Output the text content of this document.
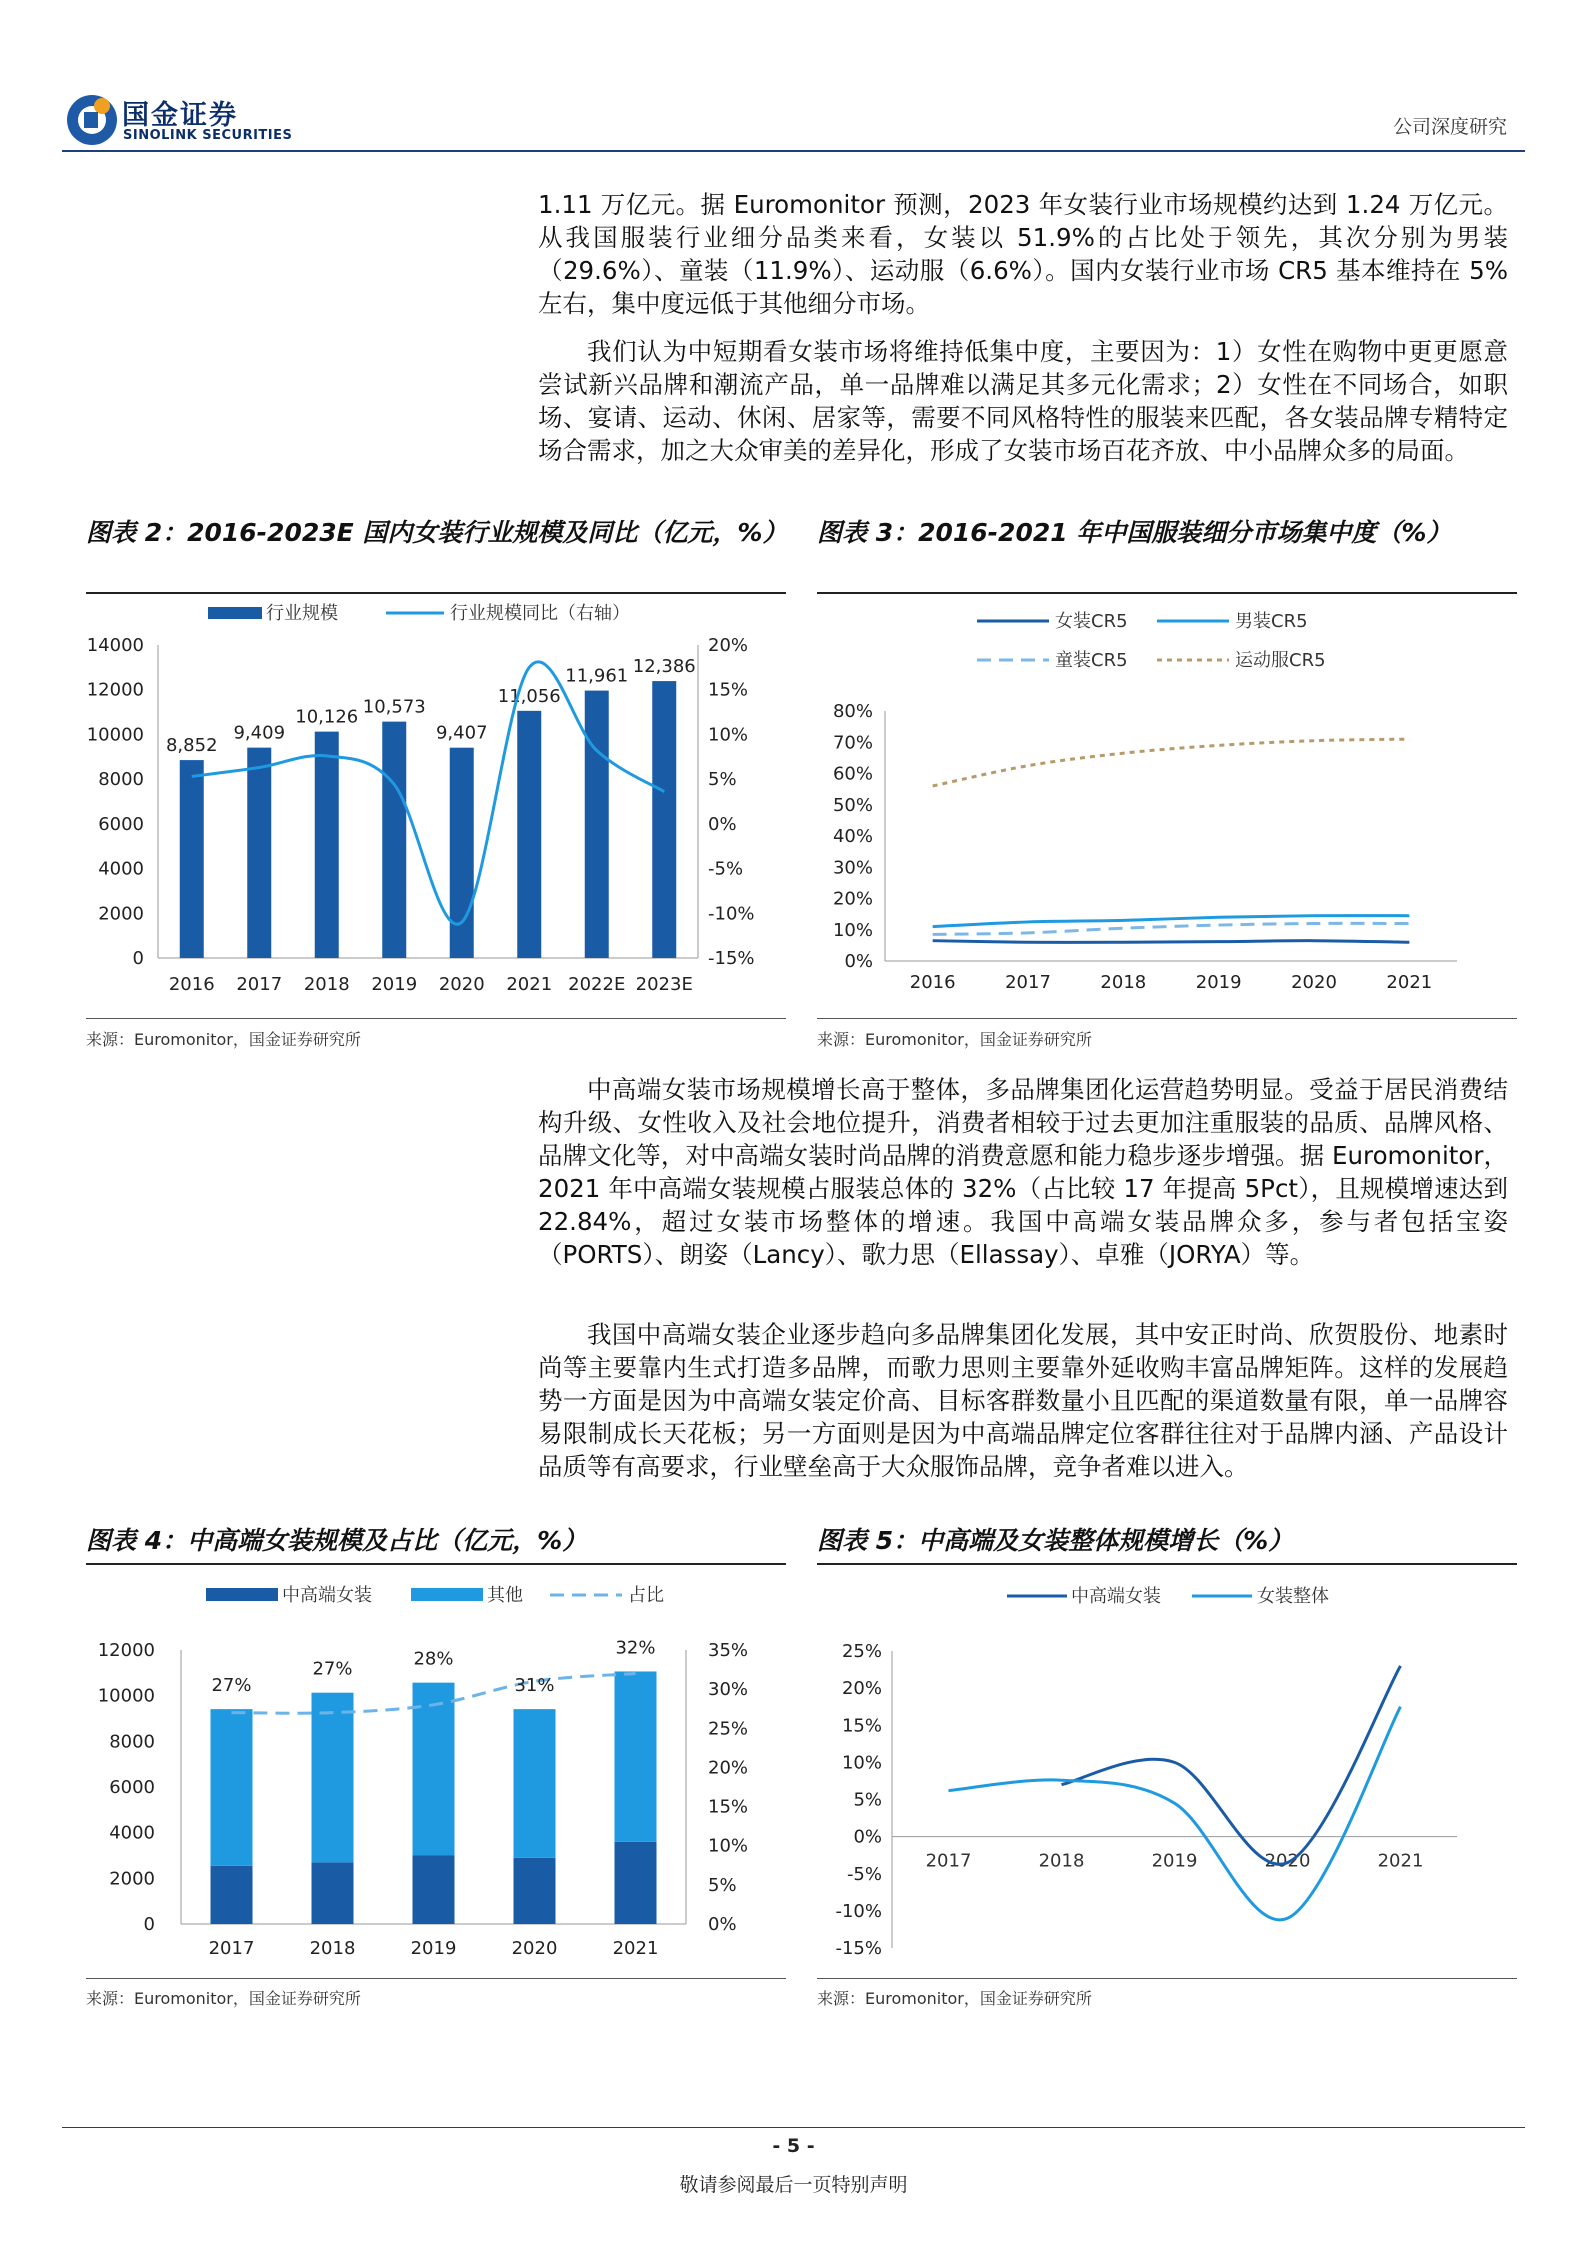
国金证券
SINOLINK SECURITIES	公司深度研究
1.11 万亿元。据 Euromonitor 预测，2023 年女装行业市场规模约达到 1.24 万亿元。从我国服装行业细分品类来看，女装以 51.9%的占比处于领先，其次分别为男装（29.6%）、童装（11.9%）、运动服（6.6%）。国内女装行业市场 CR5 基本维持在 5%左右，集中度远低于其他细分市场。
我们认为中短期看女装市场将维持低集中度，主要因为：1）女性在购物中更更愿意尝试新兴品牌和潮流产品，单一品牌难以满足其多元化需求；2）女性在不同场合，如职场、宴请、运动、休闲、居家等，需要不同风格特性的服装来匹配，各女装品牌专精特定场合需求，加之大众审美的差异化，形成了女装市场百花齐放、中小品牌众多的局面。
中高端女装市场规模增长高于整体，多品牌集团化运营趋势明显。受益于居民消费结构升级、女性收入及社会地位提升，消费者相较于过去更加注重服装的品质、品牌风格、品牌文化等，对中高端女装时尚品牌的消费意愿和能力稳步逐步增强。据 Euromonitor，2021 年中高端女装规模占服装总体的 32%（占比较 17 年提高 5Pct），且规模增速达到 22.84%，超过女装市场整体的增速。我国中高端女装品牌众多，参与者包括宝姿（PORTS）、朗姿（Lancy）、歌力思（Ellassay）、卓雅（JORYA）等。
我国中高端女装企业逐步趋向多品牌集团化发展，其中安正时尚、欣贺股份、地素时尚等主要靠内生式打造多品牌，而歌力思则主要靠外延收购丰富品牌矩阵。这样的发展趋势一方面是因为中高端女装定价高、目标客群数量小且匹配的渠道数量有限，单一品牌容易限制成长天花板；另一方面则是因为中高端品牌定位客群往往对于品牌内涵、产品设计品质等有高要求，行业壁垒高于大众服饰品牌，竞争者难以进入。
图表 2：2016-2023E 国内女装行业规模及同比（亿元，%）
行业规模	行业规模同比（右轴）
0
2000
4000
6000
8000
10000
12000
14000
-15%
-10%
-5%
0%
5%
10%
15%
20%
8,852
9,409
10,126 10,573
9,407
11,056
11,961 12,386
2016 2017 2018 2019 2020 2021 2022E 2023E
来源：Euromonitor，国金证券研究所
图表 3：2016-2021 年中国服装细分市场集中度（%）
女装CR5	男装CR5
童装CR5	运动服CR5
0%
10%
20%
30%
40%
50%
60%
70%
80%
2016	2017	2018	2019	2020	2021
来源：Euromonitor，国金证券研究所
图表 4：中高端女装规模及占比（亿元，%）
中高端女装	其他	占比
0
2000
4000
6000
8000
10000
12000
0%
5%
10%
15%
20%
25%
30%
35%
2017	2018	2019	2020	2021
27%
27%	28%
31%
32%
来源：Euromonitor，国金证券研究所
图表 5：中高端及女装整体规模增长（%）
中高端女装	女装整体
-15%
-10%
-5%
0%
5%
10%
15%
20%
25%
2017	2018	2019	2020	2021
来源：Euromonitor，国金证券研究所
- 5 -
敬请参阅最后一页特别声明
